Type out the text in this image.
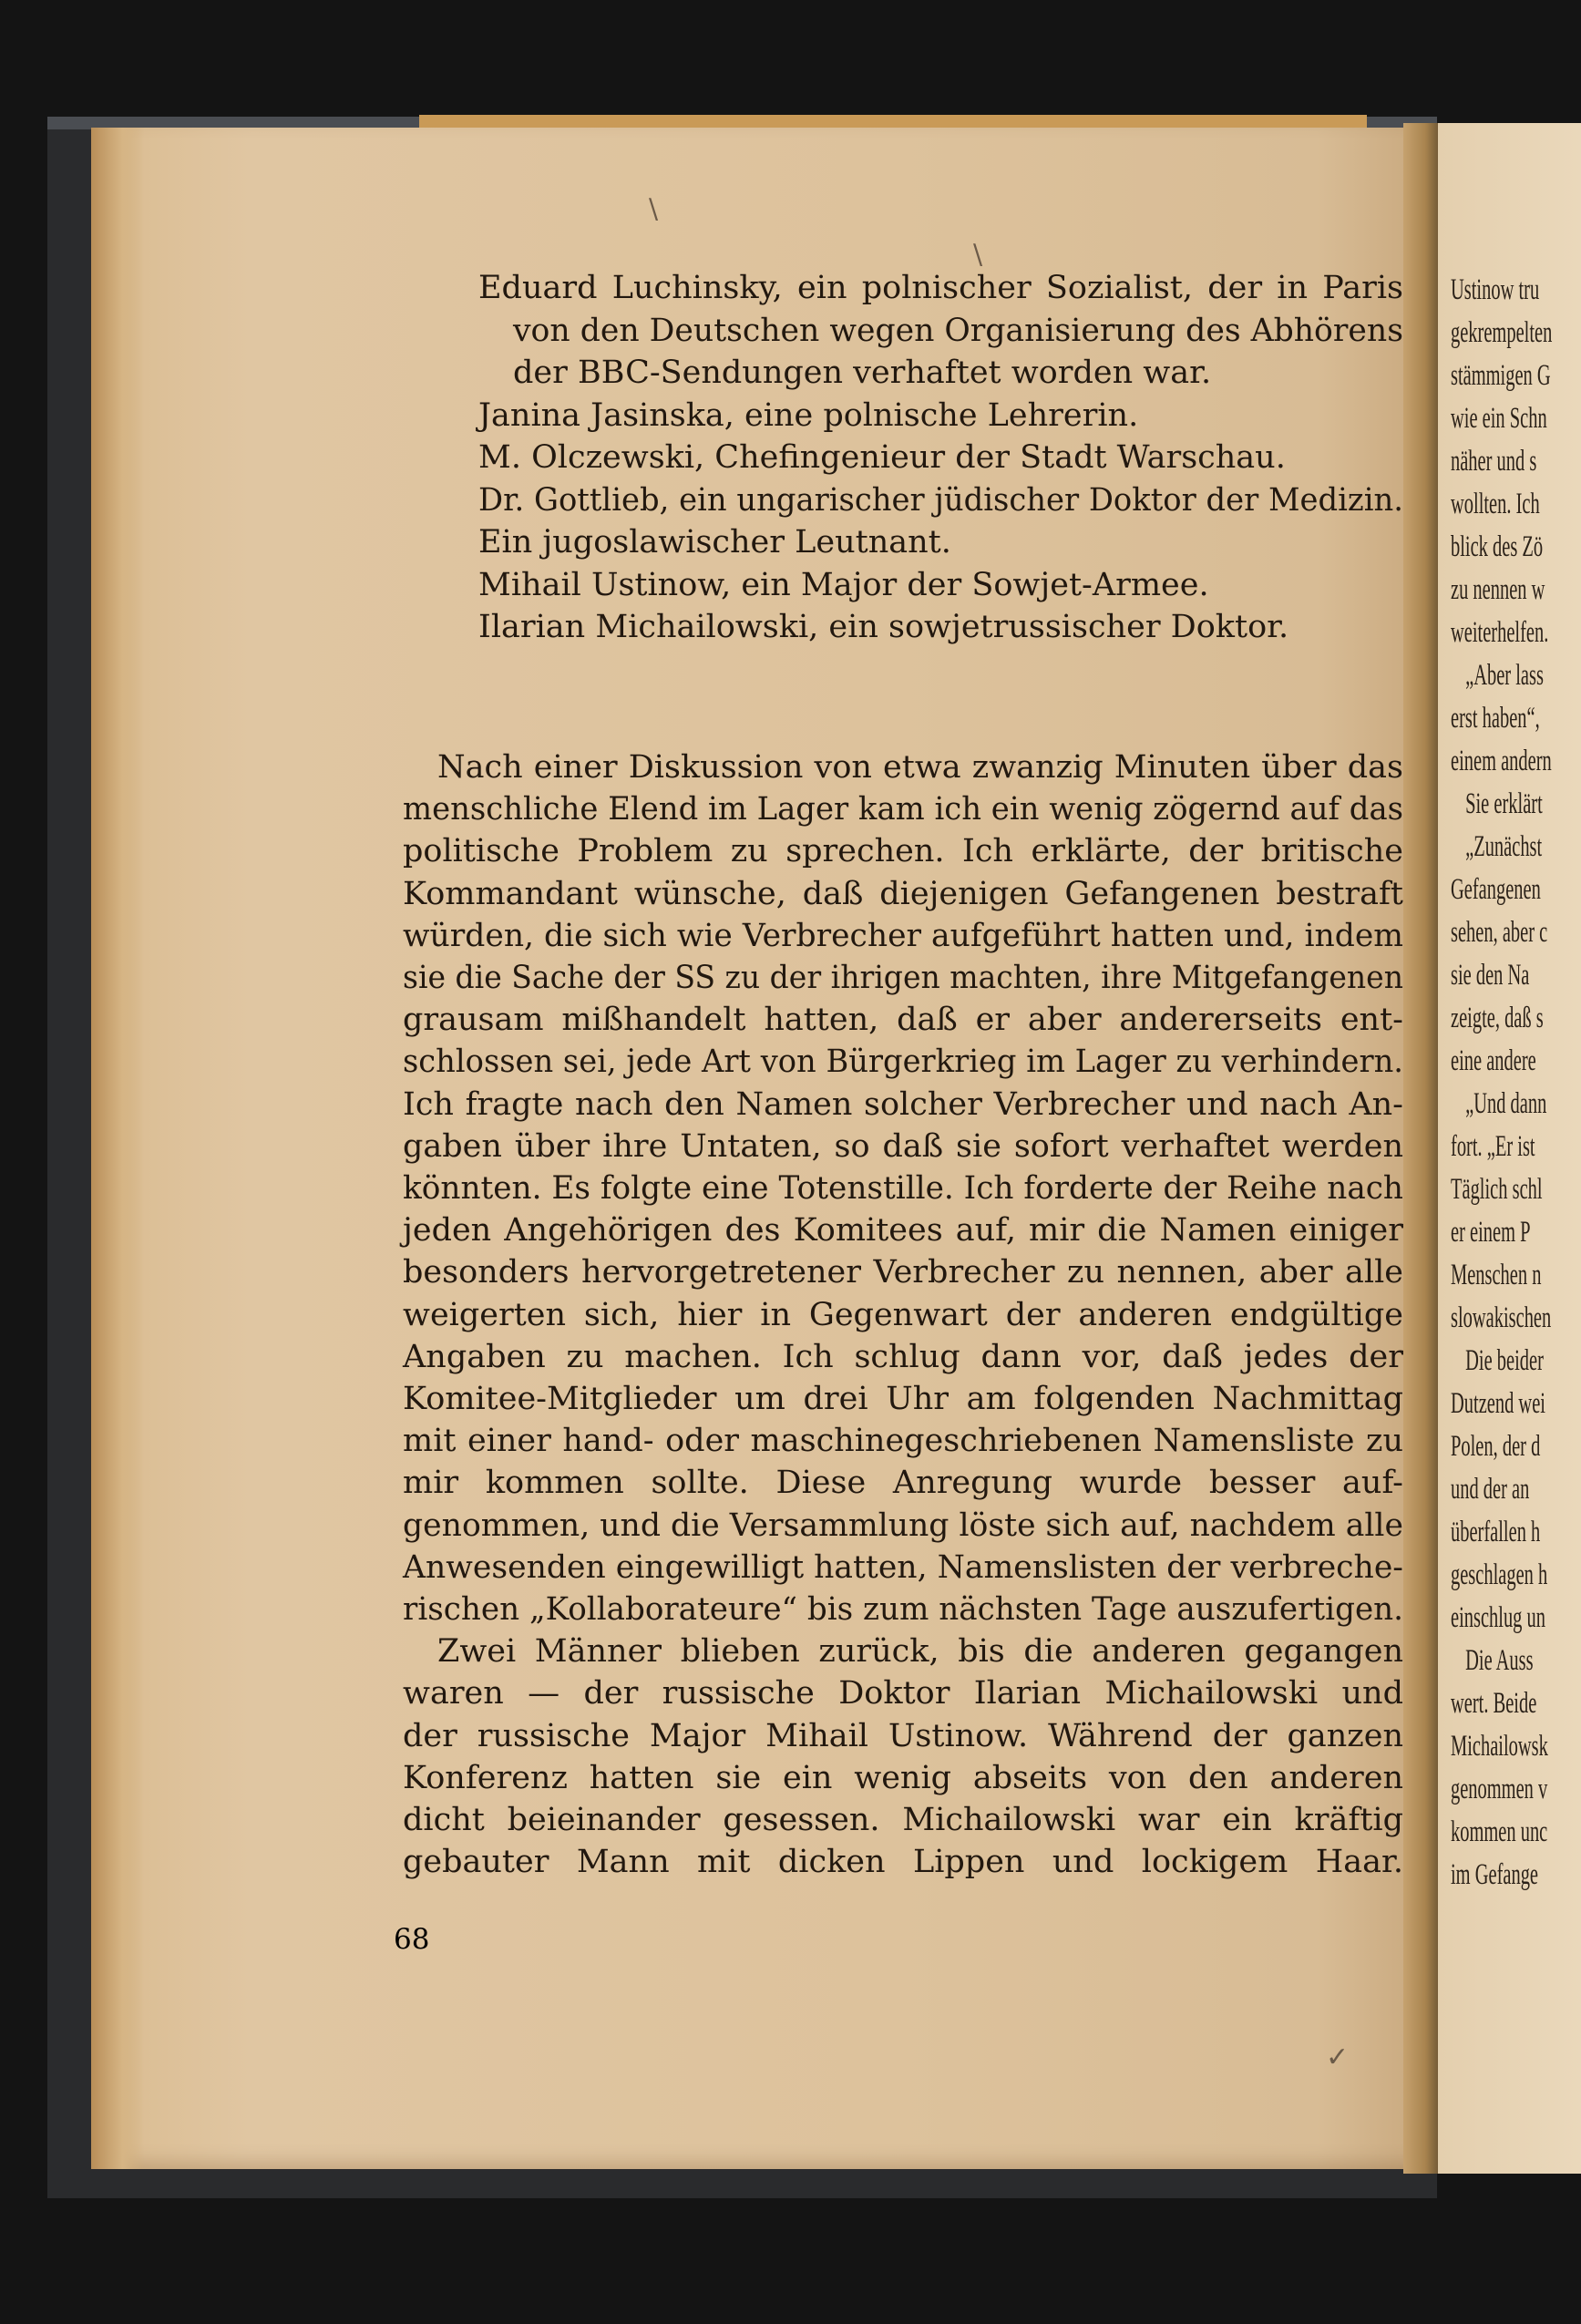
Ustinow tru
gekrempelten
stämmigen G
wie ein Schn
näher und s
wollten. Ich
blick des Zö
zu nennen w
weiterhelfen.
„Aber lass
erst haben“,
einem andern
Sie erklärt
„Zunächst
Gefangenen
sehen, aber c
sie den Na
zeigte, daß s
eine andere
„Und dann
fort. „Er ist
Täglich schl
er einem P
Menschen n
slowakischen
Die beider
Dutzend wei
Polen, der d
und der an
überfallen h
geschlagen h
einschlug un
Die Auss
wert. Beide
Michailowsk
genommen v
kommen unc
im Gefange
\
\
✓
Eduard Luchinsky, ein polnischer Sozialist, der in Paris
von den Deutschen wegen Organisierung des Abhörens
der BBC-Sendungen verhaftet worden war.
Janina Jasinska, eine polnische Lehrerin.
M. Olczewski, Chefingenieur der Stadt Warschau.
Dr. Gottlieb, ein ungarischer jüdischer Doktor der Medizin.
Ein jugoslawischer Leutnant.
Mihail Ustinow, ein Major der Sowjet-Armee.
Ilarian Michailowski, ein sowjetrussischer Doktor.
Nach einer Diskussion von etwa zwanzig Minuten über das
menschliche Elend im Lager kam ich ein wenig zögernd auf das
politische Problem zu sprechen. Ich erklärte, der britische
Kommandant wünsche, daß diejenigen Gefangenen bestraft
würden, die sich wie Verbrecher aufgeführt hatten und, indem
sie die Sache der SS zu der ihrigen machten, ihre Mitgefangenen
grausam mißhandelt hatten, daß er aber andererseits ent-
schlossen sei, jede Art von Bürgerkrieg im Lager zu verhindern.
Ich fragte nach den Namen solcher Verbrecher und nach An-
gaben über ihre Untaten, so daß sie sofort verhaftet werden
könnten. Es folgte eine Totenstille. Ich forderte der Reihe nach
jeden Angehörigen des Komitees auf, mir die Namen einiger
besonders hervorgetretener Verbrecher zu nennen, aber alle
weigerten sich, hier in Gegenwart der anderen endgültige
Angaben zu machen. Ich schlug dann vor, daß jedes der
Komitee-Mitglieder um drei Uhr am folgenden Nachmittag
mit einer hand- oder maschinegeschriebenen Namensliste zu
mir kommen sollte. Diese Anregung wurde besser auf-
genommen, und die Versammlung löste sich auf, nachdem alle
Anwesenden eingewilligt hatten, Namenslisten der verbreche-
rischen „Kollaborateure“ bis zum nächsten Tage auszufertigen.
Zwei Männer blieben zurück, bis die anderen gegangen
waren — der russische Doktor Ilarian Michailowski und
der russische Major Mihail Ustinow. Während der ganzen
Konferenz hatten sie ein wenig abseits von den anderen
dicht beieinander gesessen. Michailowski war ein kräftig
gebauter Mann mit dicken Lippen und lockigem Haar.
68
